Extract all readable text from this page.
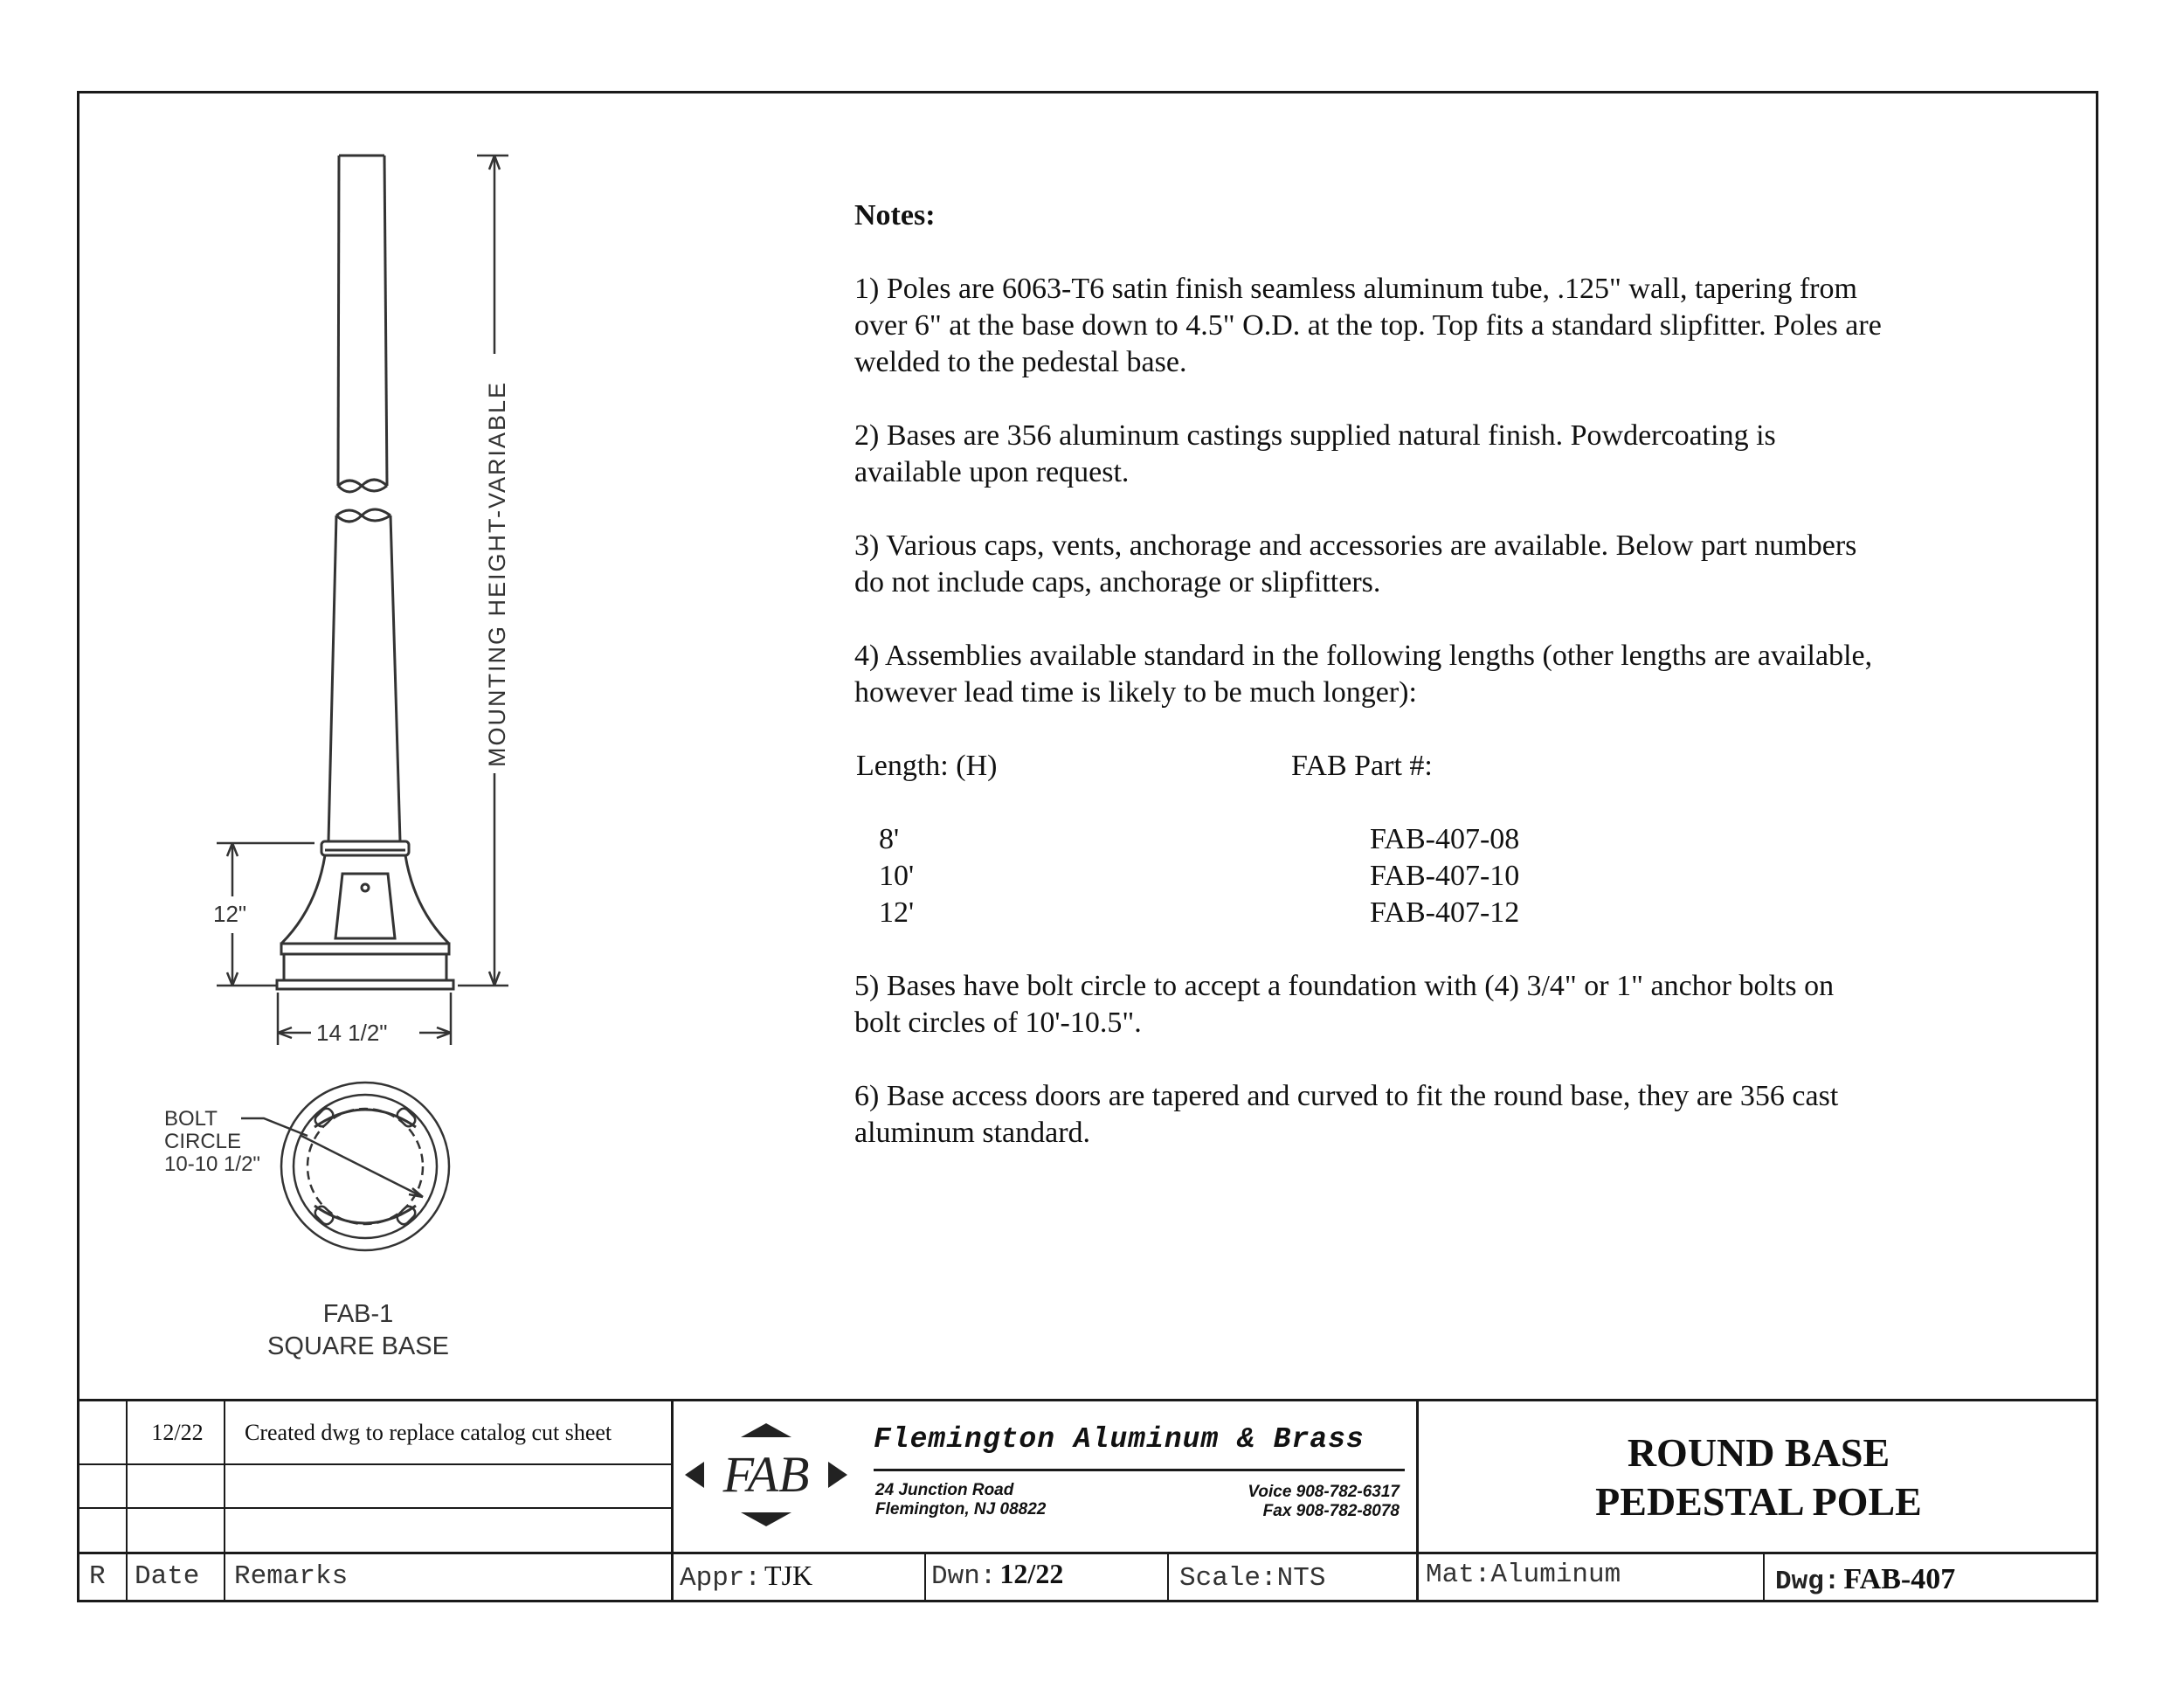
MOUNTING HEIGHT-VARIABLE
12"
14 1/2"
BOLT
CIRCLE
10-10 1/2"
FAB-1
SQUARE BASE
Notes:

1) Poles are 6063-T6 satin finish seamless aluminum tube, .125" wall, tapering from over 6" at the base down to 4.5" O.D. at the top. Top fits a standard slipfitter. Poles are welded to the pedestal base.

2) Bases are 356 aluminum castings supplied natural finish. Powdercoating is available upon request.

3) Various caps, vents, anchorage and accessories are available. Below part numbers do not include caps, anchorage or slipfitters.

4) Assemblies available standard in the following lengths (other lengths are available, however lead time is likely to be much longer):

Length: (H)	FAB Part #:
8'	FAB-407-08
10'	FAB-407-10
12'	FAB-407-12

5) Bases have bolt circle to accept a foundation with (4) 3/4" or 1" anchor bolts on bolt circles of 10'-10.5".

6) Base access doors are tapered and curved to fit the round base, they are 356 cast aluminum standard.

12/22	Created dwg to replace catalog cut sheet
R Date Remarks
FAB
Flemington Aluminum & Brass
24 Junction Road
Flemington, NJ 08822
Voice 908-782-6317
Fax 908-782-8078
ROUND BASE
PEDESTAL POLE
Appr: TJK	Dwn: 12/22	Scale:NTS	Mat:Aluminum	Dwg: FAB-407
